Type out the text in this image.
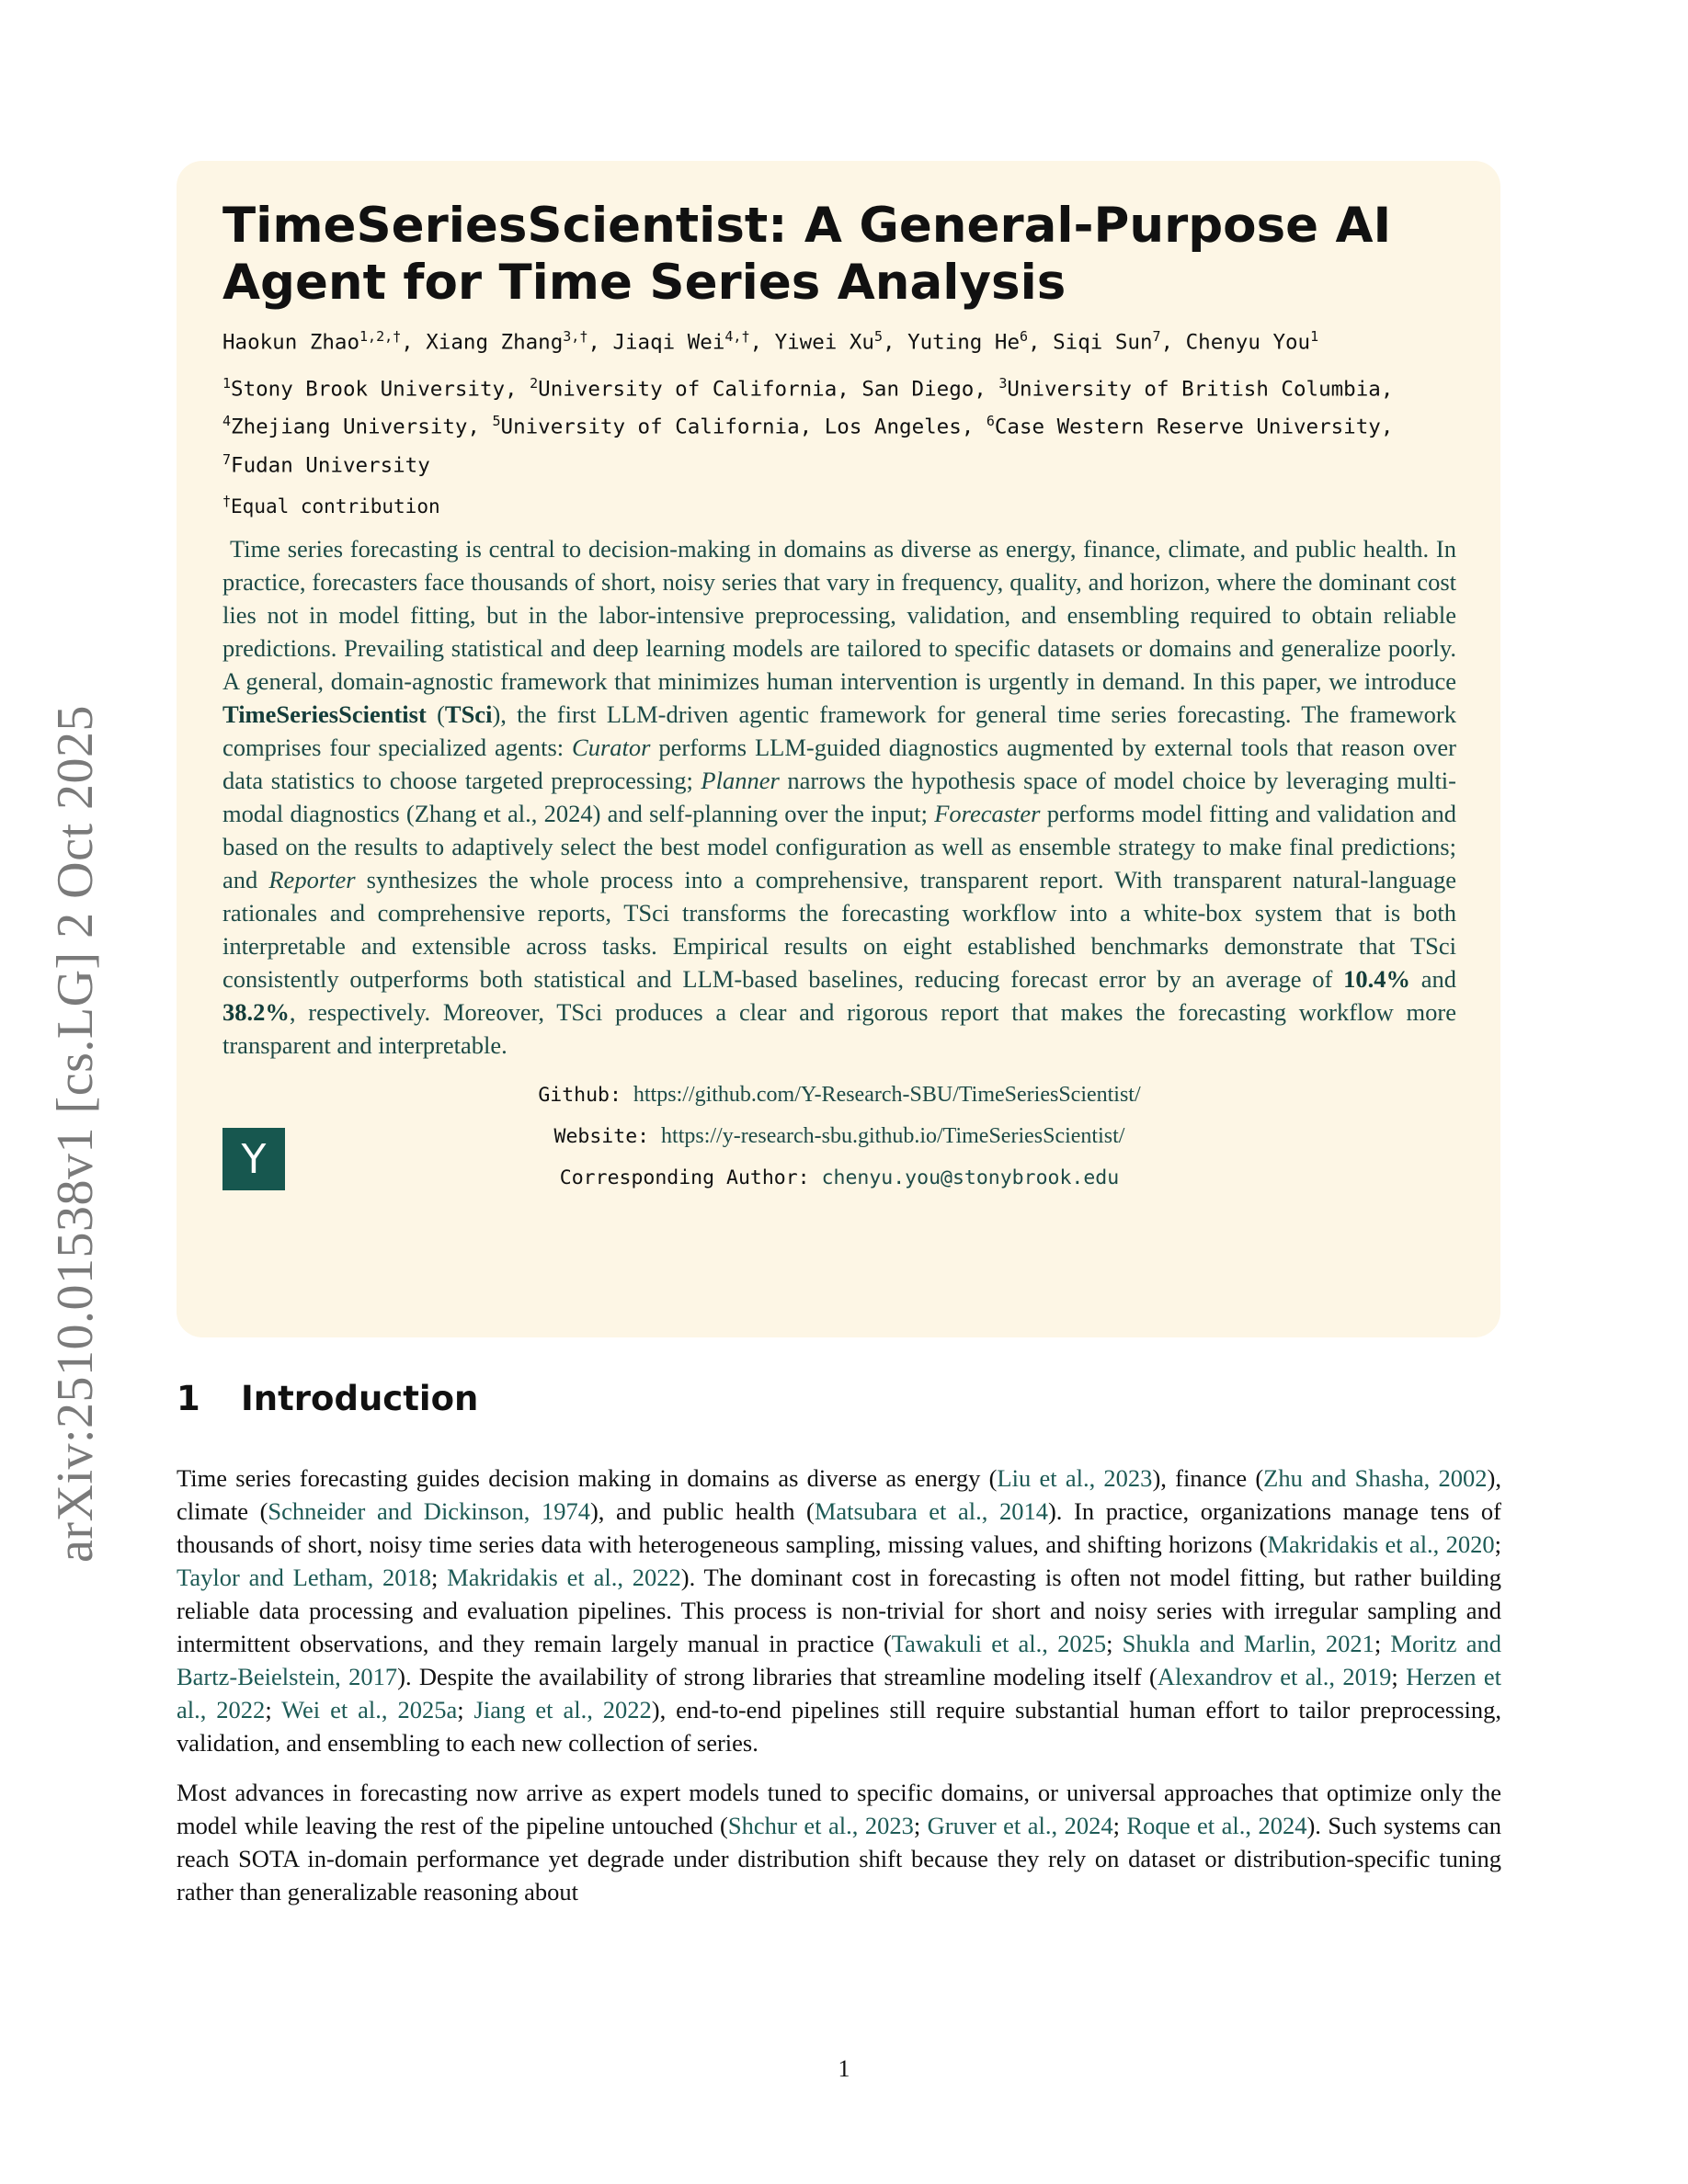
arXiv:2510.01538v1 [cs.LG] 2 Oct 2025
TimeSeriesScientist: A General-Purpose AI Agent for Time Series Analysis
Haokun Zhao$^{1,2,\dagger}$, Xiang Zhang$^{3,\dagger}$, Jiaqi Wei$^{4,\dagger}$, Yiwei Xu$^5$, Yuting He$^6$, Siqi Sun$^7$, Chenyu You$^1$
$^1$Stony Brook University, $^2$University of California, San Diego, $^3$University of British Columbia,
$^4$Zhejiang University, $^5$University of California, Los Angeles, $^6$Case Western Reserve University,
$^7$Fudan University
†Equal contribution
Time series forecasting is central to decision-making in domains as diverse as energy, finance, climate, and public health. In practice, forecasters face thousands of short, noisy series that vary in frequency, quality, and horizon, where the dominant cost lies not in model fitting, but in the labor-intensive preprocessing, validation, and ensembling required to obtain reliable predictions. Prevailing statistical and deep learning models are tailored to specific datasets or domains and generalize poorly. A general, domain-agnostic framework that minimizes human intervention is urgently in demand. In this paper, we introduce TimeSeriesScientist (TSci), the first LLM-driven agentic framework for general time series forecasting. The framework comprises four specialized agents: Curator performs LLM-guided diagnostics augmented by external tools that reason over data statistics to choose targeted preprocessing; Planner narrows the hypothesis space of model choice by leveraging multi-modal diagnostics (Zhang et al., 2024) and self-planning over the input; Forecaster performs model fitting and validation and based on the results to adaptively select the best model configuration as well as ensemble strategy to make final predictions; and Reporter synthesizes the whole process into a comprehensive, transparent report. With transparent natural-language rationales and comprehensive reports, TSci transforms the forecasting workflow into a white-box system that is both interpretable and extensible across tasks. Empirical results on eight established benchmarks demonstrate that TSci consistently outperforms both statistical and LLM-based baselines, reducing forecast error by an average of 10.4% and 38.2%, respectively. Moreover, TSci produces a clear and rigorous report that makes the forecasting workflow more transparent and interpretable.
Y
Github: https://github.com/Y-Research-SBU/TimeSeriesScientist/
Website: https://y-research-sbu.github.io/TimeSeriesScientist/
Corresponding Author: chenyu.you@stonybrook.edu
1 Introduction

Time series forecasting guides decision making in domains as diverse as energy (Liu et al., 2023), finance (Zhu and Shasha, 2002), climate (Schneider and Dickinson, 1974), and public health (Matsubara et al., 2014). In practice, organizations manage tens of thousands of short, noisy time series data with heterogeneous sampling, missing values, and shifting horizons (Makridakis et al., 2020; Taylor and Letham, 2018; Makridakis et al., 2022). The dominant cost in forecasting is often not model fitting, but rather building reliable data processing and evaluation pipelines. This process is non-trivial for short and noisy series with irregular sampling and intermittent observations, and they remain largely manual in practice (Tawakuli et al., 2025; Shukla and Marlin, 2021; Moritz and Bartz-Beielstein, 2017). Despite the availability of strong libraries that streamline modeling itself (Alexandrov et al., 2019; Herzen et al., 2022; Wei et al., 2025a; Jiang et al., 2022), end-to-end pipelines still require substantial human effort to tailor preprocessing, validation, and ensembling to each new collection of series.

Most advances in forecasting now arrive as expert models tuned to specific domains, or universal approaches that optimize only the model while leaving the rest of the pipeline untouched (Shchur et al., 2023; Gruver et al., 2024; Roque et al., 2024). Such systems can reach SOTA in-domain performance yet degrade under distribution shift because they rely on dataset or distribution-specific tuning rather than generalizable reasoning about

1
